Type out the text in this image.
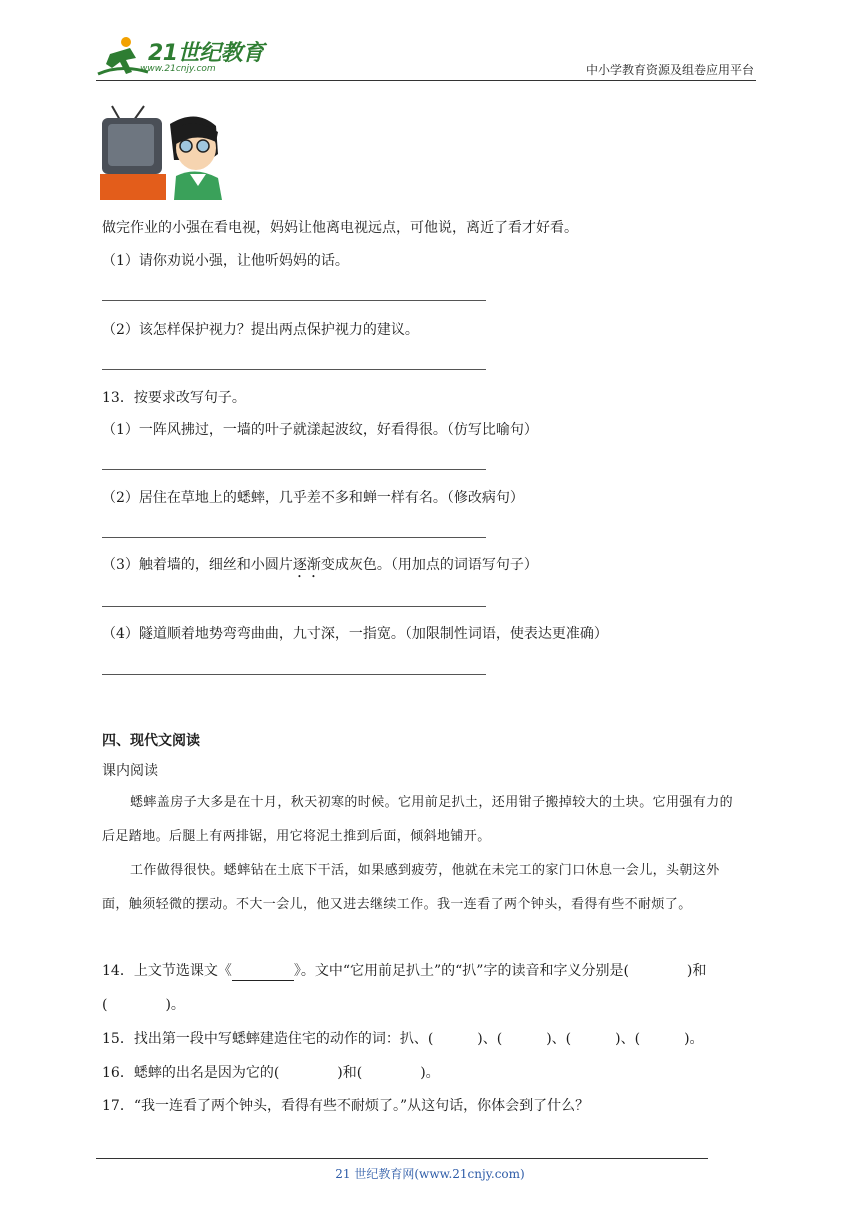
21世纪教育
www.21cnjy.com	中小学教育资源及组卷应用平台
做完作业的小强在看电视，妈妈让他离电视远点，可他说，离近了看才好看。
（1）请你劝说小强，让他听妈妈的话。
（2）该怎样保护视力？提出两点保护视力的建议。
13．按要求改写句子。
（1）一阵风拂过，一墙的叶子就漾起波纹，好看得很。（仿写比喻句）
（2）居住在草地上的蟋蟀，几乎差不多和蝉一样有名。（修改病句）
（3）触着墙的，细丝和小圆片逐渐变成灰色。（用加点的词语写句子）
（4）隧道顺着地势弯弯曲曲，九寸深，一指宽。（加限制性词语，使表达更准确）
四、现代文阅读
课内阅读
蟋蟀盖房子大多是在十月，秋天初寒的时候。它用前足扒土，还用钳子搬掉较大的土块。它用强有力的后足踏地。后腿上有两排锯，用它将泥土推到后面，倾斜地铺开。
工作做得很快。蟋蟀钻在土底下干活，如果感到疲劳，他就在未完工的家门口休息一会儿，头朝这外面，触须轻微的摆动。不大一会儿，他又进去继续工作。我一连看了两个钟头，看得有些不耐烦了。
14．上文节选课文《	》。文中“它用前足扒土”的“扒”字的读音和字义分别是(	)和
(	)。
15．找出第一段中写蟋蟀建造住宅的动作的词：扒、(	)、(	)、(	)、(	)。
16．蟋蟀的出名是因为它的(	)和(	)。
17．“我一连看了两个钟头，看得有些不耐烦了。”从这句话，你体会到了什么？
21 世纪教育网(www.21cnjy.com)
